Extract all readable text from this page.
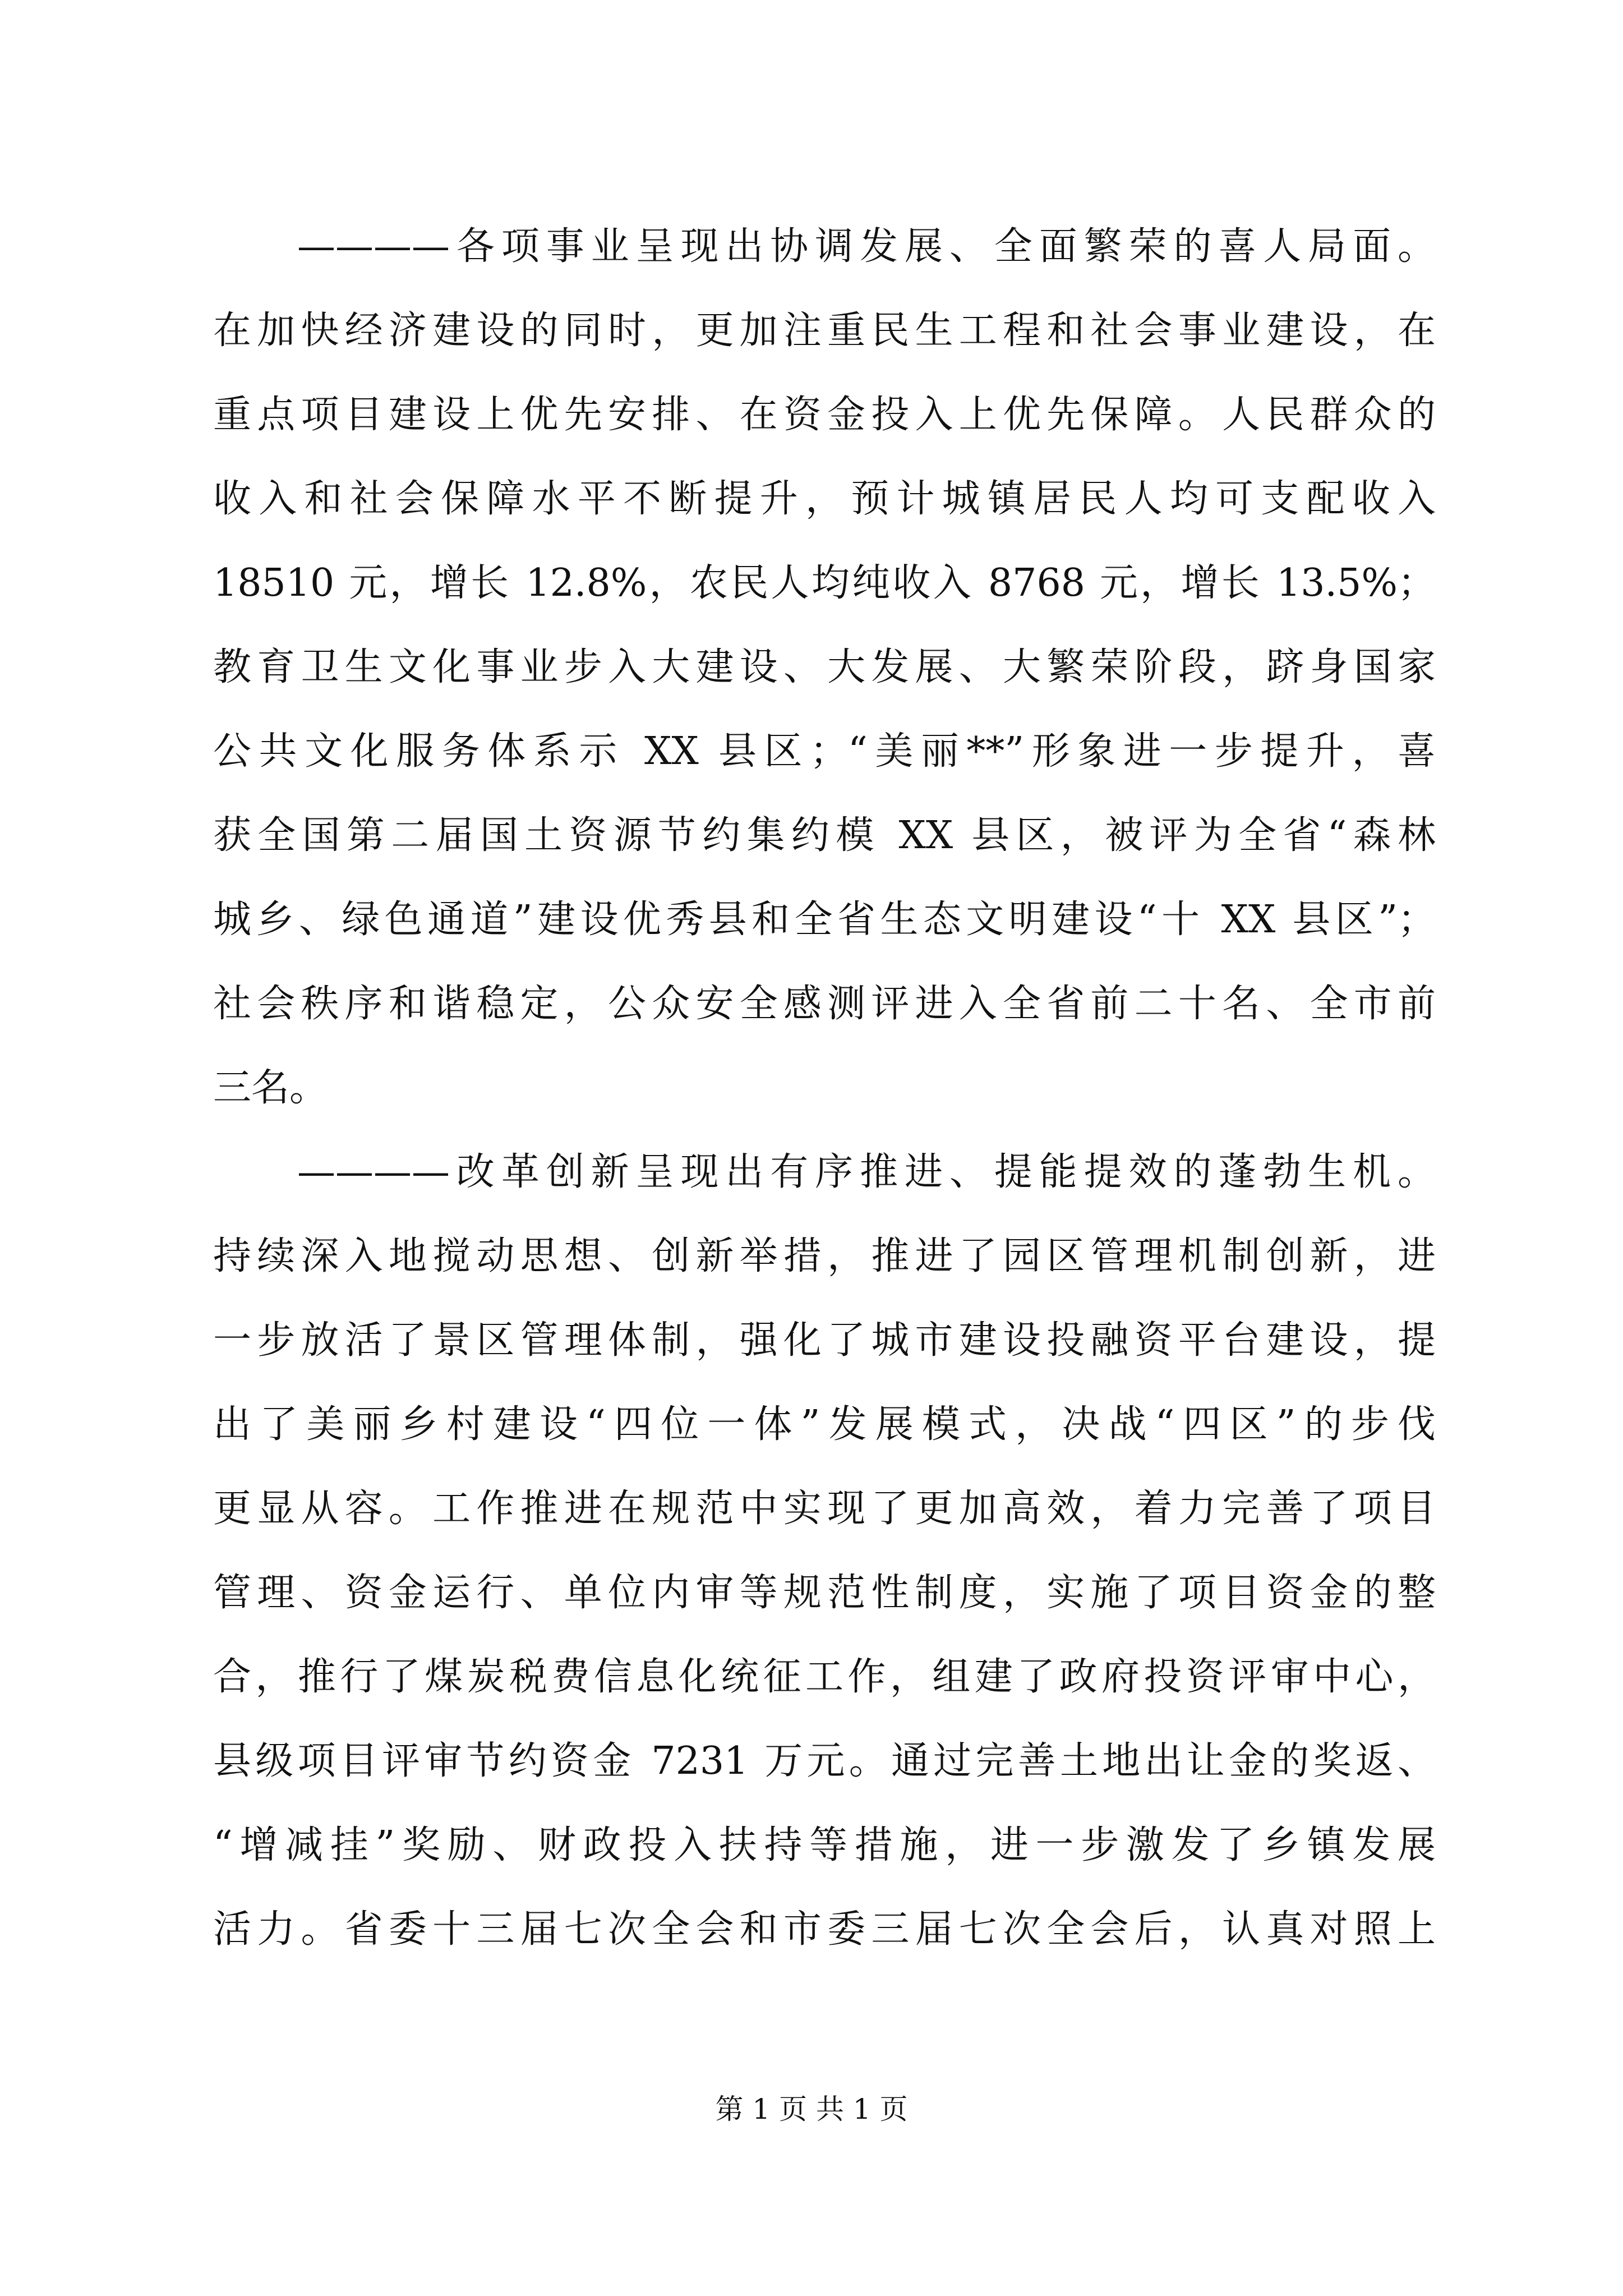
————各项事业呈现出协调发展、全面繁荣的喜人局面。
在加快经济建设的同时，更加注重民生工程和社会事业建设，在
重点项目建设上优先安排、在资金投入上优先保障。人民群众的
收入和社会保障水平不断提升，预计城镇居民人均可支配收入
18510 元，增长 12.8%，农民人均纯收入 8768 元，增长 13.5%；
教育卫生文化事业步入大建设、大发展、大繁荣阶段，跻身国家
公共文化服务体系示 XX 县区；“美丽**”形象进一步提升，喜
获全国第二届国土资源节约集约模 XX 县区，被评为全省“森林
城乡、绿色通道”建设优秀县和全省生态文明建设“十 XX 县区”；
社会秩序和谐稳定，公众安全感测评进入全省前二十名、全市前
三名。
————改革创新呈现出有序推进、提能提效的蓬勃生机。
持续深入地搅动思想、创新举措，推进了园区管理机制创新，进
一步放活了景区管理体制，强化了城市建设投融资平台建设，提
出了美丽乡村建设“四位一体”发展模式，决战“四区”的步伐
更显从容。工作推进在规范中实现了更加高效，着力完善了项目
管理、资金运行、单位内审等规范性制度，实施了项目资金的整
合，推行了煤炭税费信息化统征工作，组建了政府投资评审中心，
县级项目评审节约资金 7231 万元。通过完善土地出让金的奖返、
“增减挂”奖励、财政投入扶持等措施，进一步激发了乡镇发展
活力。省委十三届七次全会和市委三届七次全会后，认真对照上
第 1 页 共 1 页
